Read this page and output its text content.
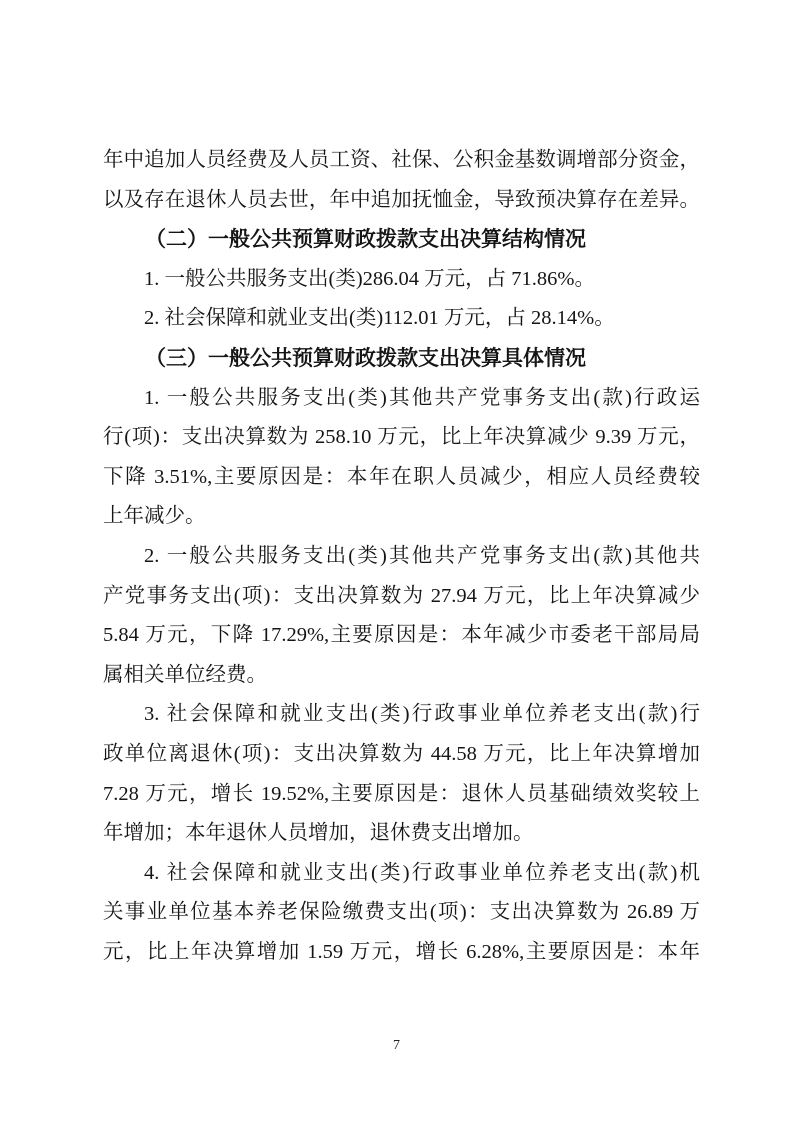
年中追加人员经费及人员工资、社保、公积金基数调增部分资金，
以及存在退休人员去世，年中追加抚恤金，导致预决算存在差异。
（二）一般公共预算财政拨款支出决算结构情况
1. 一般公共服务支出(类)286.04 万元，占 71.86%。
2. 社会保障和就业支出(类)112.01 万元，占 28.14%。
（三）一般公共预算财政拨款支出决算具体情况
1. 一般公共服务支出(类)其他共产党事务支出(款)行政运
行(项)：支出决算数为 258.10 万元，比上年决算减少 9.39 万元，
下降 3.51%,主要原因是：本年在职人员减少，相应人员经费较
上年减少。
2. 一般公共服务支出(类)其他共产党事务支出(款)其他共
产党事务支出(项)：支出决算数为 27.94 万元，比上年决算减少
5.84 万元，下降 17.29%,主要原因是：本年减少市委老干部局局
属相关单位经费。
3. 社会保障和就业支出(类)行政事业单位养老支出(款)行
政单位离退休(项)：支出决算数为 44.58 万元，比上年决算增加
7.28 万元，增长 19.52%,主要原因是：退休人员基础绩效奖较上
年增加；本年退休人员增加，退休费支出增加。
4. 社会保障和就业支出(类)行政事业单位养老支出(款)机
关事业单位基本养老保险缴费支出(项)：支出决算数为 26.89 万
元，比上年决算增加 1.59 万元，增长 6.28%,主要原因是：本年
7
